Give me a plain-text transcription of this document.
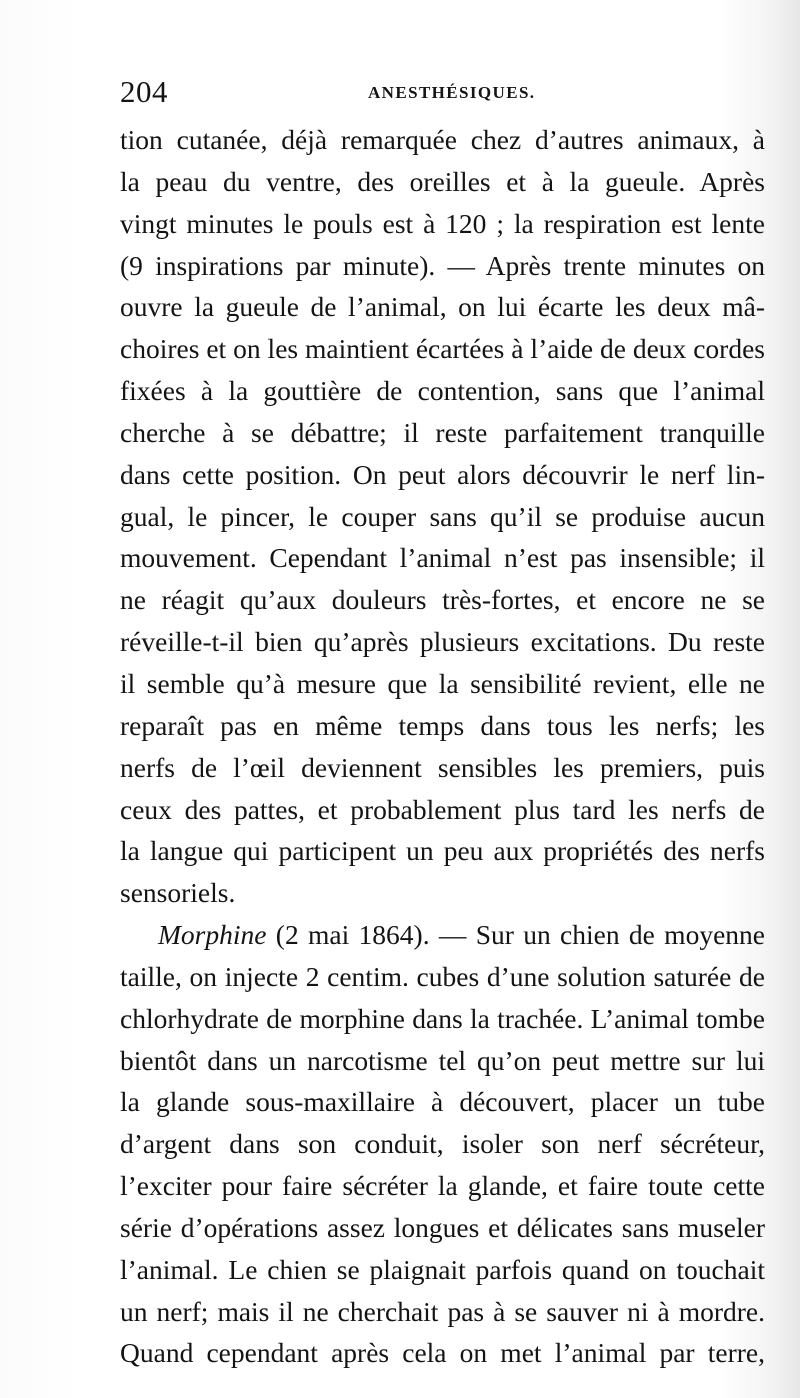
204	ANESTHÉSIQUES.
tion cutanée, déjà remarquée chez d’autres animaux, à
la peau du ventre, des oreilles et à la gueule. Après
vingt minutes le pouls est à 120 ; la respiration est lente
(9 inspirations par minute). — Après trente minutes on
ouvre la gueule de l’animal, on lui écarte les deux mâ-
choires et on les maintient écartées à l’aide de deux cordes
fixées à la gouttière de contention, sans que l’animal
cherche à se débattre; il reste parfaitement tranquille
dans cette position. On peut alors découvrir le nerf lin-
gual, le pincer, le couper sans qu’il se produise aucun
mouvement. Cependant l’animal n’est pas insensible; il
ne réagit qu’aux douleurs très-fortes, et encore ne se
réveille-t-il bien qu’après plusieurs excitations. Du reste
il semble qu’à mesure que la sensibilité revient, elle ne
reparaît pas en même temps dans tous les nerfs; les
nerfs de l’œil deviennent sensibles les premiers, puis
ceux des pattes, et probablement plus tard les nerfs de
la langue qui participent un peu aux propriétés des nerfs
sensoriels.
Morphine (2 mai 1864). — Sur un chien de moyenne
taille, on injecte 2 centim. cubes d’une solution saturée de
chlorhydrate de morphine dans la trachée. L’animal tombe
bientôt dans un narcotisme tel qu’on peut mettre sur lui
la glande sous-maxillaire à découvert, placer un tube
d’argent dans son conduit, isoler son nerf sécréteur,
l’exciter pour faire sécréter la glande, et faire toute cette
série d’opérations assez longues et délicates sans museler
l’animal. Le chien se plaignait parfois quand on touchait
un nerf; mais il ne cherchait pas à se sauver ni à mordre.
Quand cependant après cela on met l’animal par terre,
